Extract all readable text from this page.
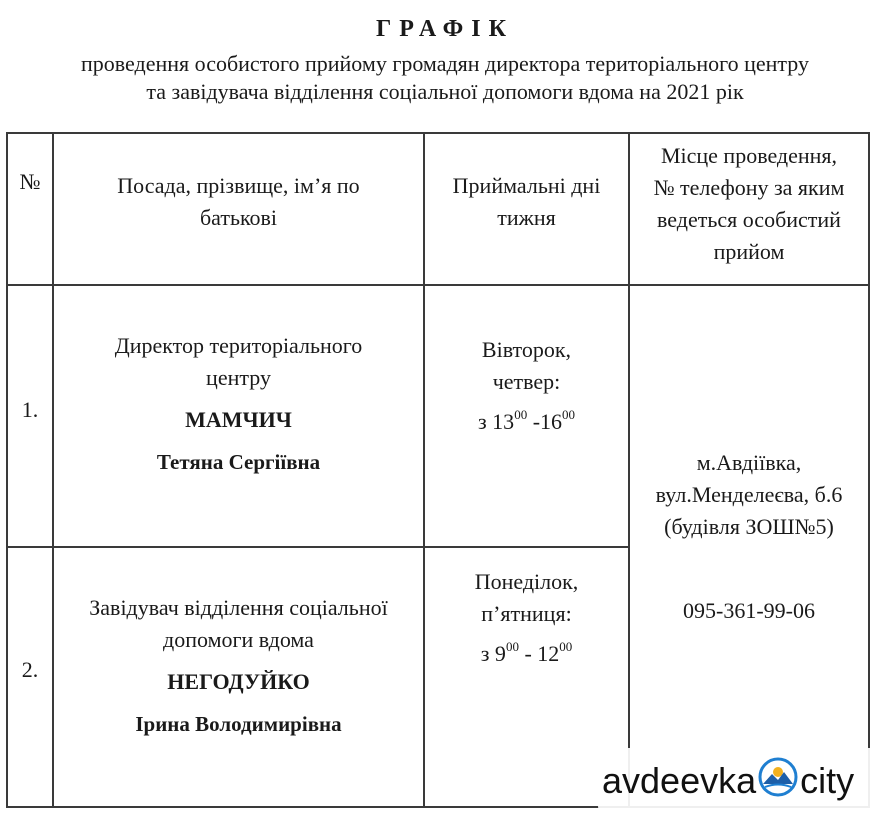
ГРАФІК
проведення особистого прийому громадян директора територіального центру
та завідувача відділення соціальної допомоги вдома на 2021 рік
№	Посада, прізвище, ім’я по
батькові
Приймальні дні
тижня
Місце проведення,
№ телефону за яким
ведеться особистий
прийом
1.
Директор територіального
центру
МАМЧИЧ
Тетяна Сергіївна
Вівторок,
четвер:
з $13^{00}$ $-16^{00}$
м.Авдіївка,
вул.Менделеєва, б.6
(будівля ЗОШ№5)
095-361-99-06
2.
Завідувач відділення соціальної
допомоги вдома
НЕГОДУЙКО
Ірина Володимирівна
Понеділок,
п’ятниця:
з $9^{00} - 12^{00}$
avdeevka city
